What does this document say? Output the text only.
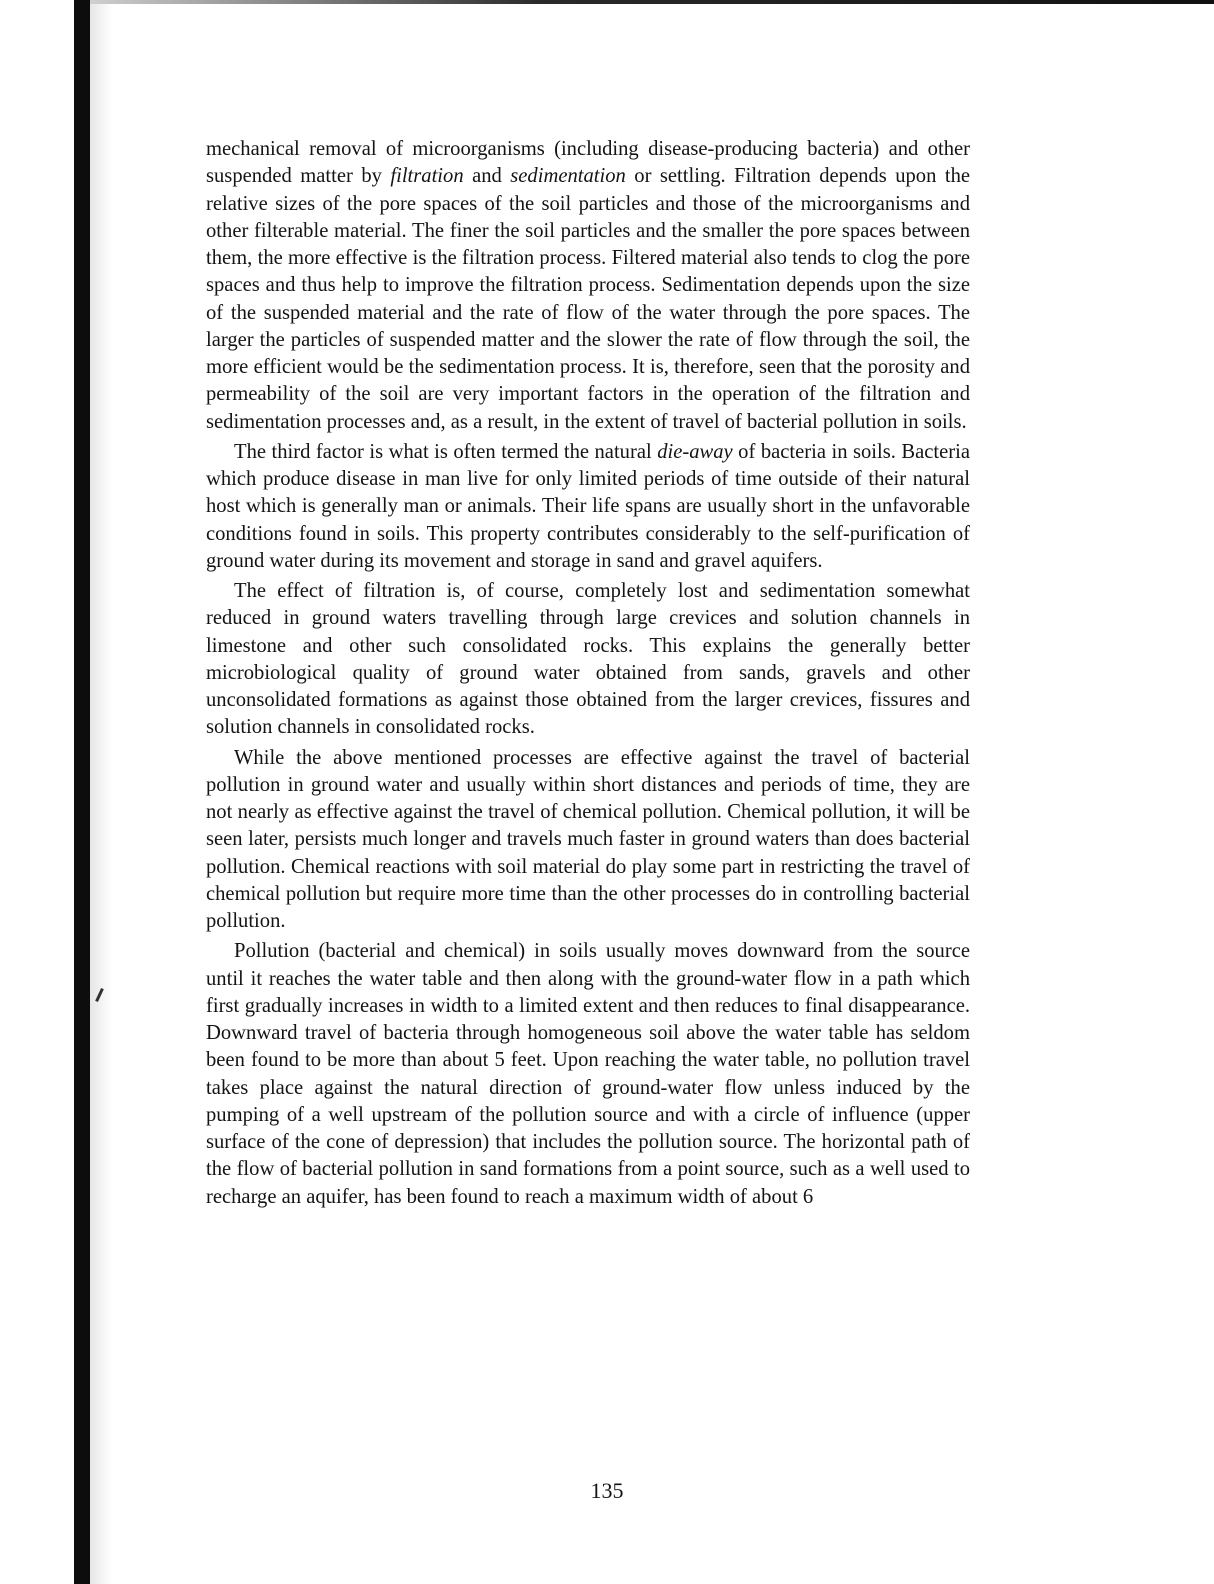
mechanical removal of microorganisms (including disease-producing bacteria) and other suspended matter by filtration and sedimentation or settling. Filtration depends upon the relative sizes of the pore spaces of the soil particles and those of the microorganisms and other filterable material. The finer the soil particles and the smaller the pore spaces between them, the more effective is the filtration process. Filtered material also tends to clog the pore spaces and thus help to improve the filtration process. Sedimentation depends upon the size of the suspended material and the rate of flow of the water through the pore spaces. The larger the particles of suspended matter and the slower the rate of flow through the soil, the more efficient would be the sedimentation process. It is, therefore, seen that the porosity and permeability of the soil are very important factors in the operation of the filtration and sedimentation processes and, as a result, in the extent of travel of bacterial pollution in soils.

The third factor is what is often termed the natural die-away of bacteria in soils. Bacteria which produce disease in man live for only limited periods of time outside of their natural host which is generally man or animals. Their life spans are usually short in the unfavorable conditions found in soils. This property contributes considerably to the self-purification of ground water during its movement and storage in sand and gravel aquifers.

The effect of filtration is, of course, completely lost and sedimentation somewhat reduced in ground waters travelling through large crevices and solution channels in limestone and other such consolidated rocks. This explains the generally better microbiological quality of ground water obtained from sands, gravels and other unconsolidated formations as against those obtained from the larger crevices, fissures and solution channels in consolidated rocks.

While the above mentioned processes are effective against the travel of bacterial pollution in ground water and usually within short distances and periods of time, they are not nearly as effective against the travel of chemical pollution. Chemical pollution, it will be seen later, persists much longer and travels much faster in ground waters than does bacterial pollution. Chemical reactions with soil material do play some part in restricting the travel of chemical pollution but require more time than the other processes do in controlling bacterial pollution.

Pollution (bacterial and chemical) in soils usually moves downward from the source until it reaches the water table and then along with the ground-water flow in a path which first gradually increases in width to a limited extent and then reduces to final disappearance. Downward travel of bacteria through homogeneous soil above the water table has seldom been found to be more than about 5 feet. Upon reaching the water table, no pollution travel takes place against the natural direction of ground-water flow unless induced by the pumping of a well upstream of the pollution source and with a circle of influence (upper surface of the cone of depression) that includes the pollution source. The horizontal path of the flow of bacterial pollution in sand formations from a point source, such as a well used to recharge an aquifer, has been found to reach a maximum width of about 6

135
